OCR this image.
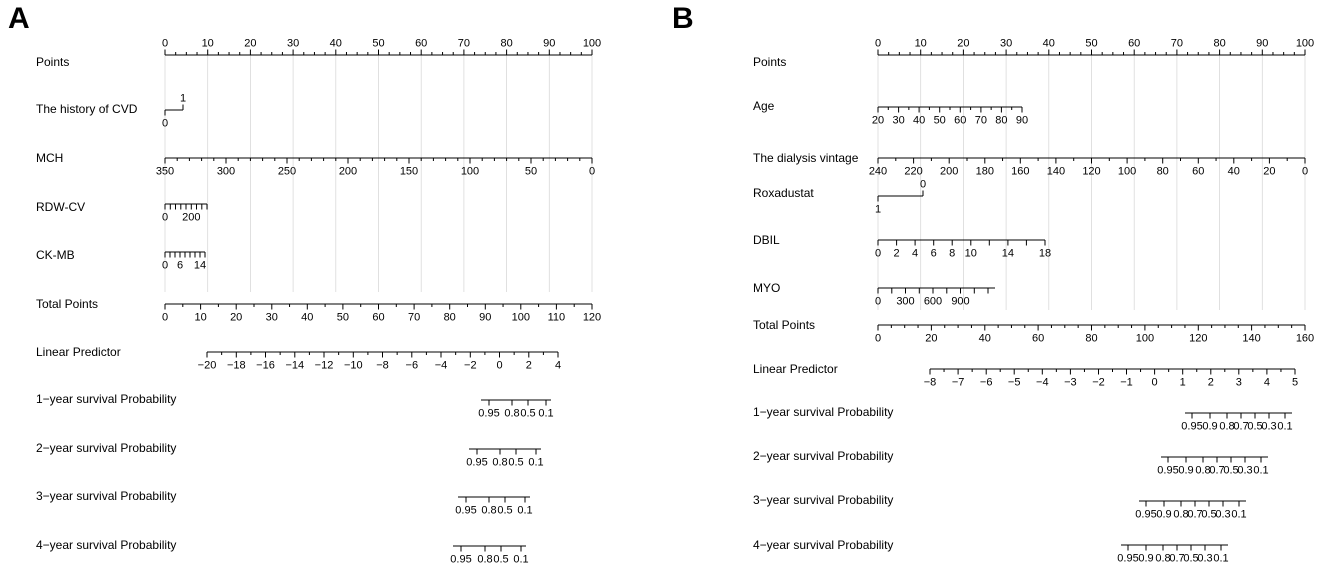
A	B
Points
0	10	20	30	40	50	60	70	80	90 100
The history of CVD
0
1
MCH
350	300	250	200	150	100	50	0
RDW-CV
0 200
CK-MB
0 6 14
Total Points
0 10 20 30 40 50 60 70 80 90 100 110 120
Linear Predictor
−20 −18 −16 −14 −12 −10 −8 −6 −4 −2 0 2 4
1−year survival Probability
0.95 0.8 0.5 0.1
2−year survival Probability
0.95 0.8 0.5 0.1
3−year survival Probability
0.95 0.8 0.5 0.1
4−year survival Probability
0.95 0.8 0.5 0.1
Points
0	10	20	30	40	50	60	70	80	90 100
Age
20 30 40 50 60 70 80 90
The dialysis vintage
240 220 200 180 160 140 120 100 80 60 40 20 0
Roxadustat
0
1
DBIL
0 2 4 6 8 10 14 18
MYO
0 300 600 900
Total Points
0	20	40	60	80	100	120	140	160
Linear Predictor
−8 −7 −6 −5 −4 −3 −2 −1 0 1 2 3 4 5
1−year survival Probability
0.95 0.9 0.8
0.7
0.5
0.3 0.1
2−year survival Probability
0.95 0.9 0.8
0.7
0.5
0.3 0.1
3−year survival Probability
0.95 0.9 0.8
0.7
0.5
0.3 0.1
4−year survival Probability
0.95 0.9 0.8
0.7
0.5
0.3 0.1
